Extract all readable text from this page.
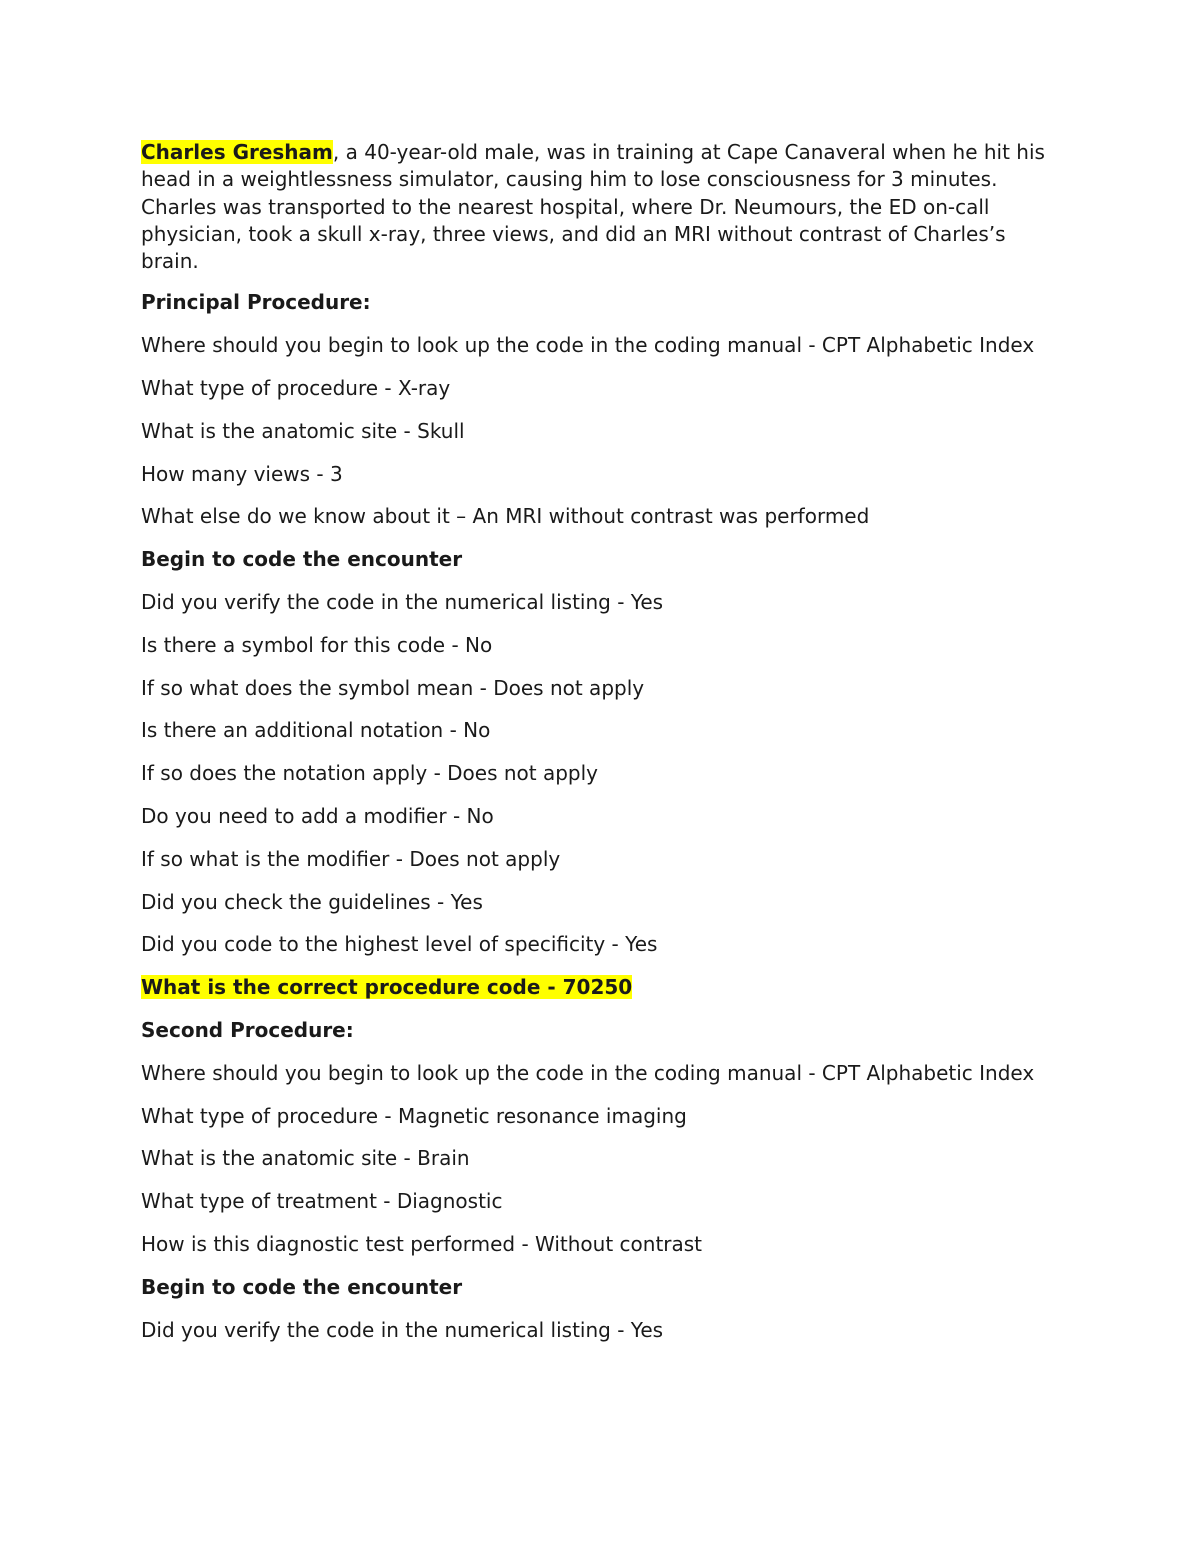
Charles Gresham, a 40-year-old male, was in training at Cape Canaveral when he hit his head in a weightlessness simulator, causing him to lose consciousness for 3 minutes. Charles was transported to the nearest hospital, where Dr. Neumours, the ED on-call physician, took a skull x-ray, three views, and did an MRI without contrast of Charles’s brain.

Principal Procedure:
Where should you begin to look up the code in the coding manual - CPT Alphabetic Index
What type of procedure - X-ray
What is the anatomic site - Skull
How many views - 3
What else do we know about it – An MRI without contrast was performed
Begin to code the encounter
Did you verify the code in the numerical listing - Yes
Is there a symbol for this code - No
If so what does the symbol mean - Does not apply
Is there an additional notation - No
If so does the notation apply - Does not apply
Do you need to add a modifier - No
If so what is the modifier - Does not apply
Did you check the guidelines - Yes
Did you code to the highest level of specificity - Yes
What is the correct procedure code - 70250
Second Procedure:
Where should you begin to look up the code in the coding manual - CPT Alphabetic Index
What type of procedure - Magnetic resonance imaging
What is the anatomic site - Brain
What type of treatment - Diagnostic
How is this diagnostic test performed - Without contrast
Begin to code the encounter
Did you verify the code in the numerical listing - Yes
